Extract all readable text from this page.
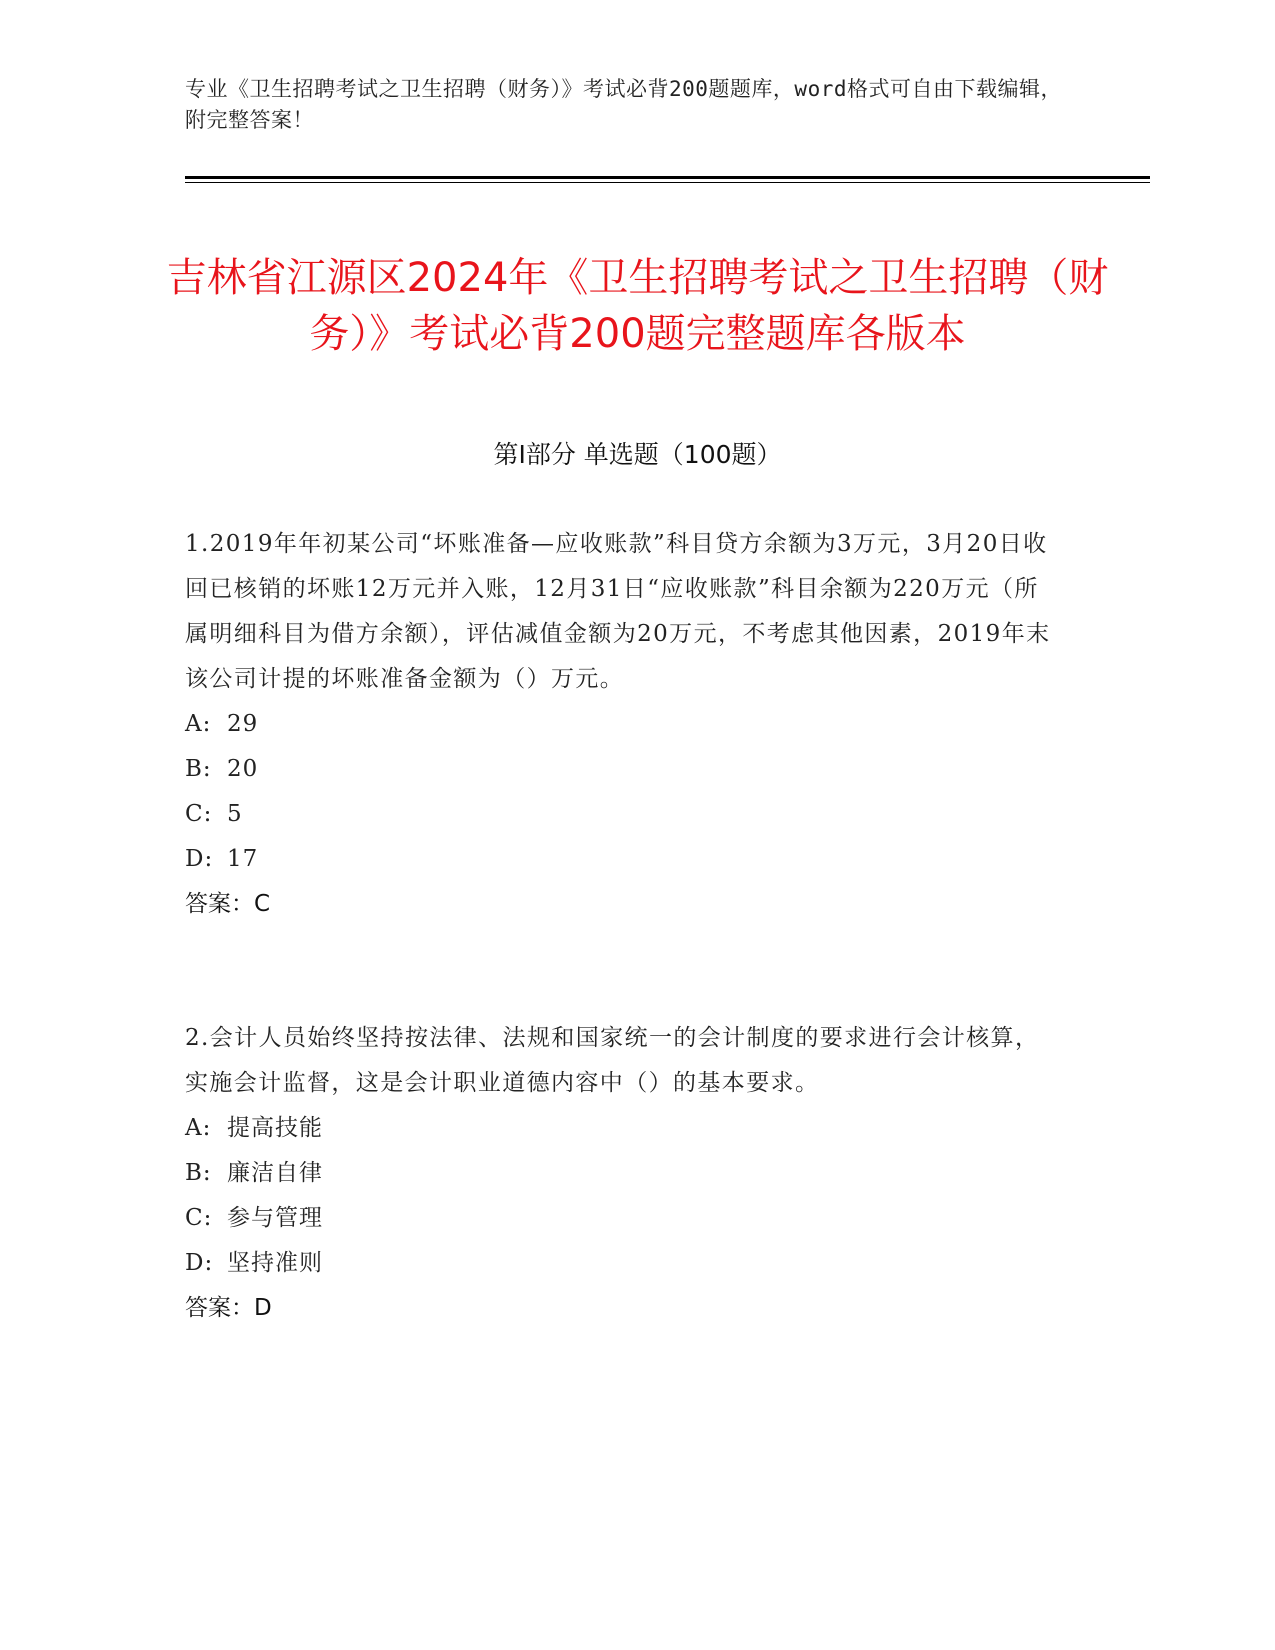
专业《卫生招聘考试之卫生招聘（财务）》考试必背200题题库，word格式可自由下载编辑，附完整答案！
吉林省江源区2024年《卫生招聘考试之卫生招聘（财务）》考试必背200题完整题库各版本
第Ⅰ部分 单选题（100题）

1.2019年年初某公司“坏账准备—应收账款”科目贷方余额为3万元，3月20日收回已核销的坏账12万元并入账，12月31日“应收账款”科目余额为220万元（所属明细科目为借方余额），评估减值金额为20万元，不考虑其他因素，2019年末该公司计提的坏账准备金额为（）万元。

A: 29

B: 20

C: 5

D: 17

答案：C

2.会计人员始终坚持按法律、法规和国家统一的会计制度的要求进行会计核算，实施会计监督，这是会计职业道德内容中（）的基本要求。

A: 提高技能

B: 廉洁自律

C: 参与管理

D: 坚持准则

答案：D
